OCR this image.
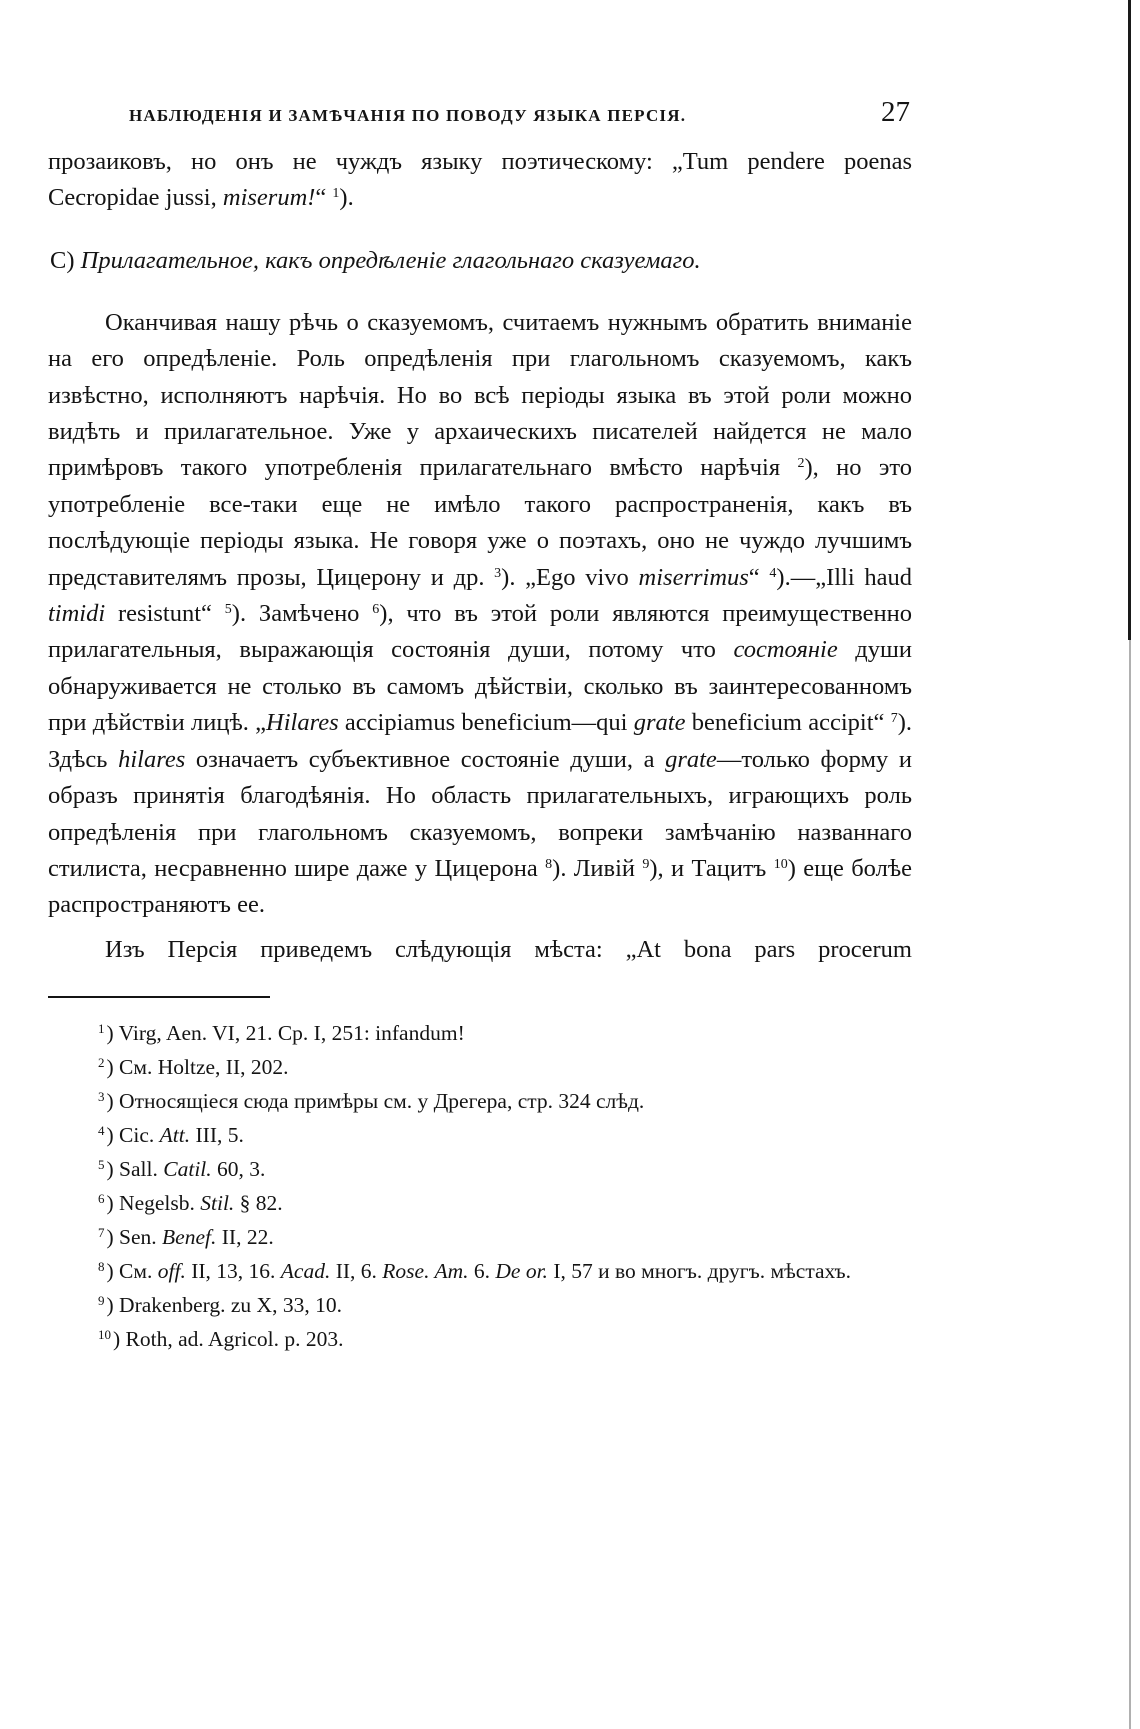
НАБЛЮДЕНІЯ И ЗАМѢЧАНІЯ ПО ПОВОДУ ЯЗЫКА ПЕРСІЯ.	27

прозаиковъ, но онъ не чуждъ языку поэтическому: „Tum pendere poenas Cecropidae jussi, miserum!“ $^1$).

С) Прилагательное, какъ опредѣленіе глагольнаго сказуемаго.

Оканчивая нашу рѣчь о сказуемомъ, считаемъ нужнымъ обратить вниманіе на его опредѣленіе. Роль опредѣленія при глагольномъ сказуемомъ, какъ извѣстно, исполняютъ нарѣчія. Но во всѣ періоды языка въ этой роли можно видѣть и прилагательное. Уже у архаическихъ писателей найдется не мало примѣровъ такого употребленія прилагательнаго вмѣсто нарѣчія $^2$), но это употребленіе все-таки еще не имѣло такого распространенія, какъ въ послѣдующіе періоды языка. Не говоря уже о поэтахъ, оно не чуждо лучшимъ представителямъ прозы, Цицерону и др. $^3$). „Ego vivo miserrimus“ $^4$).—„Illi haud timidi resistunt“ $^5$). Замѣчено $^6$), что въ этой роли являются преимущественно прилагательныя, выражающія состоянія души, потому что состояніе души обнаруживается не столько въ самомъ дѣйствіи, сколько въ заинтересованномъ при дѣйствіи лицѣ. „Hilares accipiamus beneficium—qui grate beneficium accipit“ $^7$). Здѣсь hilares означаетъ субъективное состояніе души, а grate—только форму и образъ принятія благодѣянія. Но область прилагательныхъ, играющихъ роль опредѣленія при глагольномъ сказуемомъ, вопреки замѣчанію названнаго стилиста, несравненно шире даже у Цицерона $^8$). Ливій $^9$), и Тацитъ $^{10}$) еще болѣе распространяютъ ее.

Изъ Персія приведемъ слѣдующія мѣста: „At bona pars procerum

$^1$) Virg, Aen. VI, 21. Cp. I, 251: infandum!
$^2$) См. Holtze, II, 202.
$^3$) Относящіеся сюда примѣры см. у Дрегера, стр. 324 слѣд.
$^4$) Cic. Att. III, 5.
$^5$) Sall. Catil. 60, 3.
$^6$) Negelsb. Stil. § 82.
$^7$) Sen. Benef. II, 22.
$^8$) См. off. II, 13, 16. Acad. II, 6. Rose. Am. 6. De or. I, 57 и во многъ. другъ. мѣстахъ.
$^9$) Drakenberg. zu X, 33, 10.
$^{10}$) Roth, ad. Agricol. p. 203.
